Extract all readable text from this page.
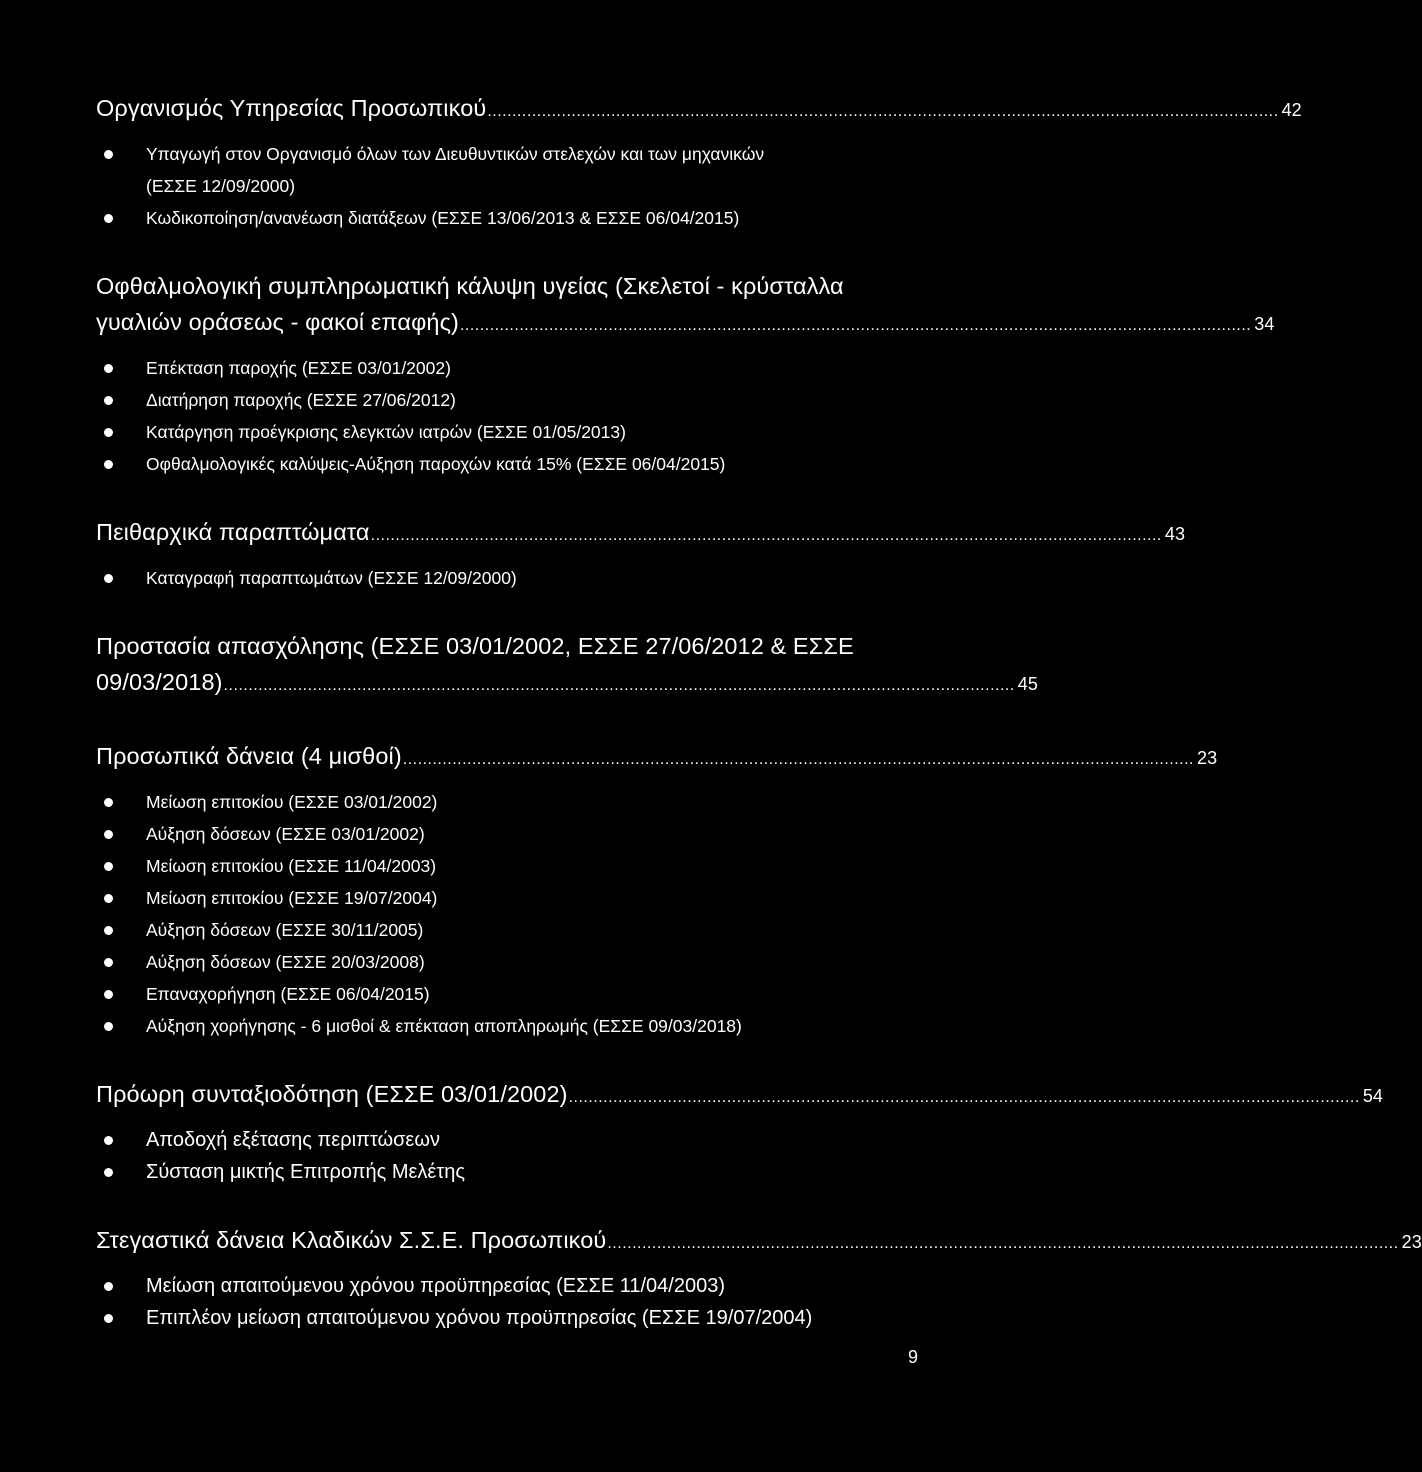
Οργανισμός Υπηρεσίας Προσωπικού ................................................................................................................................................................ 42
Υπαγωγή στον Οργανισμό όλων των Διευθυντικών στελεχών και των μηχανικών
(ΕΣΣΕ 12/09/2000)
Κωδικοποίηση/ανανέωση διατάξεων (ΕΣΣΕ 13/06/2013 & ΕΣΣΕ 06/04/2015)
Οφθαλμολογική συμπληρωματική κάλυψη υγείας (Σκελετοί - κρύσταλλα
γυαλιών οράσεως - φακοί επαφής) ................................................................................................................................................................ 34
Επέκταση παροχής (ΕΣΣΕ 03/01/2002)
Διατήρηση παροχής (ΕΣΣΕ 27/06/2012)
Κατάργηση προέγκρισης ελεγκτών ιατρών (ΕΣΣΕ 01/05/2013)
Οφθαλμολογικές καλύψεις-Αύξηση παροχών κατά 15% (ΕΣΣΕ 06/04/2015)
Πειθαρχικά παραπτώματα ................................................................................................................................................................ 43
Καταγραφή παραπτωμάτων (ΕΣΣΕ 12/09/2000)
Προστασία απασχόλησης (ΕΣΣΕ 03/01/2002, ΕΣΣΕ 27/06/2012 & ΕΣΣΕ
09/03/2018) ................................................................................................................................................................ 45
Προσωπικά δάνεια (4 μισθοί) ................................................................................................................................................................ 23
Μείωση επιτοκίου (ΕΣΣΕ 03/01/2002)
Αύξηση δόσεων (ΕΣΣΕ 03/01/2002)
Μείωση επιτοκίου (ΕΣΣΕ 11/04/2003)
Μείωση επιτοκίου (ΕΣΣΕ 19/07/2004)
Αύξηση δόσεων (ΕΣΣΕ 30/11/2005)
Αύξηση δόσεων (ΕΣΣΕ 20/03/2008)
Επαναχορήγηση (ΕΣΣΕ 06/04/2015)
Αύξηση χορήγησης - 6 μισθοί & επέκταση αποπληρωμής (ΕΣΣΕ 09/03/2018)
Πρόωρη συνταξιοδότηση (ΕΣΣΕ 03/01/2002) ................................................................................................................................................................ 54
Αποδοχή εξέτασης περιπτώσεων
Σύσταση μικτής Επιτροπής Μελέτης
Στεγαστικά δάνεια Κλαδικών Σ.Σ.Ε. Προσωπικού ................................................................................................................................................................ 23
Μείωση απαιτούμενου χρόνου προϋπηρεσίας (ΕΣΣΕ 11/04/2003)
Επιπλέον μείωση απαιτούμενου χρόνου προϋπηρεσίας (ΕΣΣΕ 19/07/2004)
9
